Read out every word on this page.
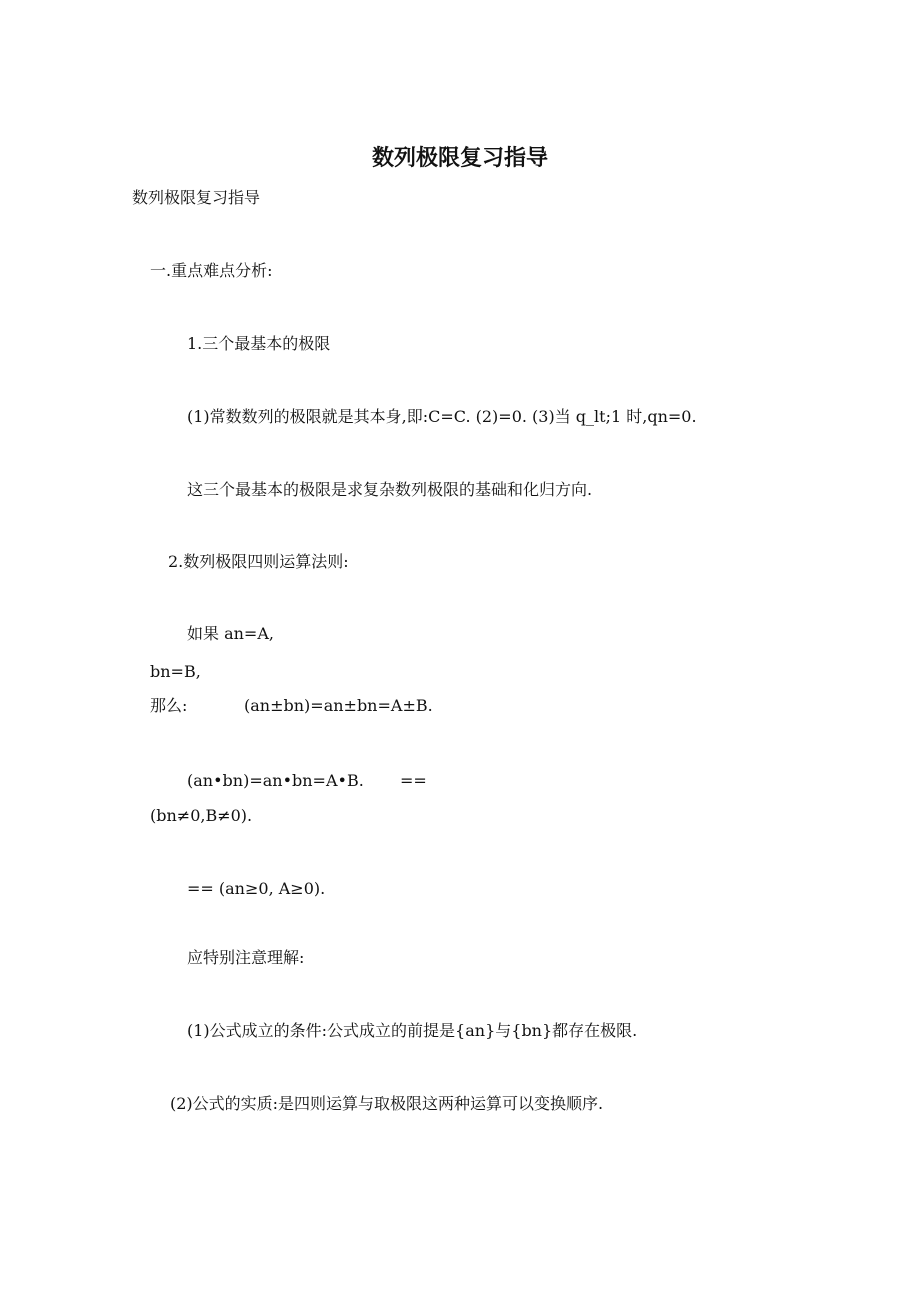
数列极限复习指导
数列极限复习指导
一.重点难点分析:
1.三个最基本的极限
(1)常数数列的极限就是其本身,即:C=C. (2)=0. (3)当 q_lt;1 时,qn=0.
这三个最基本的极限是求复杂数列极限的基础和化归方向.
2.数列极限四则运算法则:
如果 an=A,
bn=B,
那么:	(an±bn)=an±bn=A±B.
(an•bn)=an•bn=A•B. ==
(bn≠0,B≠0).
== (an≥0, A≥0).
应特别注意理解:
(1)公式成立的条件:公式成立的前提是{an}与{bn}都存在极限.
(2)公式的实质:是四则运算与取极限这两种运算可以变换顺序.
